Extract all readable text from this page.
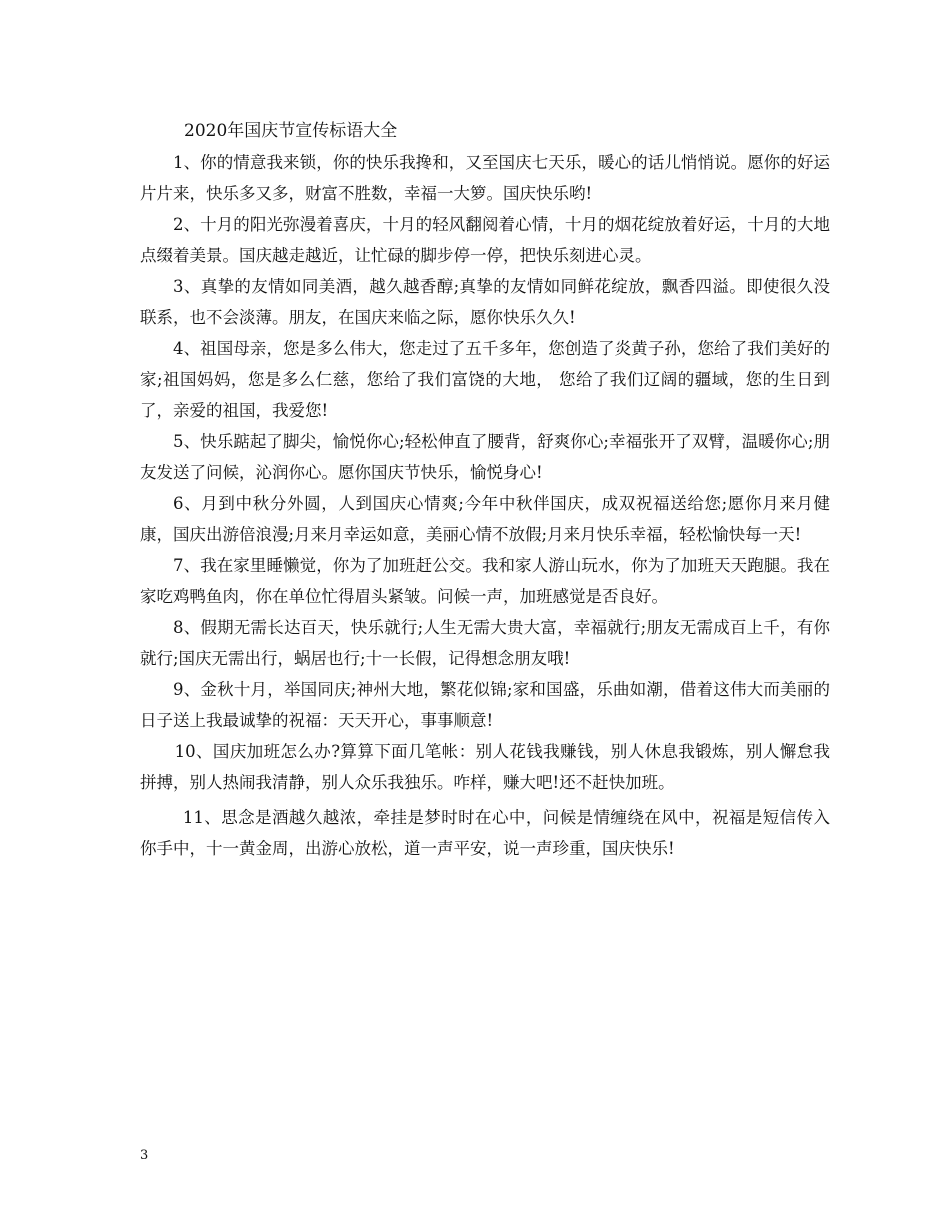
2020年国庆节宣传标语大全

1、你的情意我来锁，你的快乐我搀和，又至国庆七天乐，暖心的话儿悄悄说。愿你的好运片片来，快乐多又多，财富不胜数，幸福一大箩。国庆快乐哟!

2、十月的阳光弥漫着喜庆，十月的轻风翻阅着心情，十月的烟花绽放着好运，十月的大地点缀着美景。国庆越走越近，让忙碌的脚步停一停，把快乐刻进心灵。

3、真挚的友情如同美酒，越久越香醇;真挚的友情如同鲜花绽放，飘香四溢。即使很久没联系，也不会淡薄。朋友，在国庆来临之际，愿你快乐久久!

4、祖国母亲，您是多么伟大，您走过了五千多年，您创造了炎黄子孙，您给了我们美好的家;祖国妈妈，您是多么仁慈，您给了我们富饶的大地， 您给了我们辽阔的疆域，您的生日到了，亲爱的祖国，我爱您!

5、快乐踮起了脚尖，愉悦你心;轻松伸直了腰背，舒爽你心;幸福张开了双臂，温暖你心;朋友发送了问候，沁润你心。愿你国庆节快乐，愉悦身心!

6、月到中秋分外圆，人到国庆心情爽;今年中秋伴国庆，成双祝福送给您;愿你月来月健康，国庆出游倍浪漫;月来月幸运如意，美丽心情不放假;月来月快乐幸福，轻松愉快每一天!

7、我在家里睡懒觉，你为了加班赶公交。我和家人游山玩水，你为了加班天天跑腿。我在家吃鸡鸭鱼肉，你在单位忙得眉头紧皱。问候一声，加班感觉是否良好。

8、假期无需长达百天，快乐就行;人生无需大贵大富，幸福就行;朋友无需成百上千，有你就行;国庆无需出行，蜗居也行;十一长假，记得想念朋友哦!

9、金秋十月，举国同庆;神州大地，繁花似锦;家和国盛，乐曲如潮，借着这伟大而美丽的日子送上我最诚挚的祝福：天天开心，事事顺意!

10、国庆加班怎么办?算算下面几笔帐：别人花钱我赚钱，别人休息我锻炼，别人懈怠我拼搏，别人热闹我清静，别人众乐我独乐。咋样，赚大吧!还不赶快加班。

11、思念是酒越久越浓，牵挂是梦时时在心中，问候是情缠绕在风中，祝福是短信传入你手中，十一黄金周，出游心放松，道一声平安，说一声珍重，国庆快乐!

3
